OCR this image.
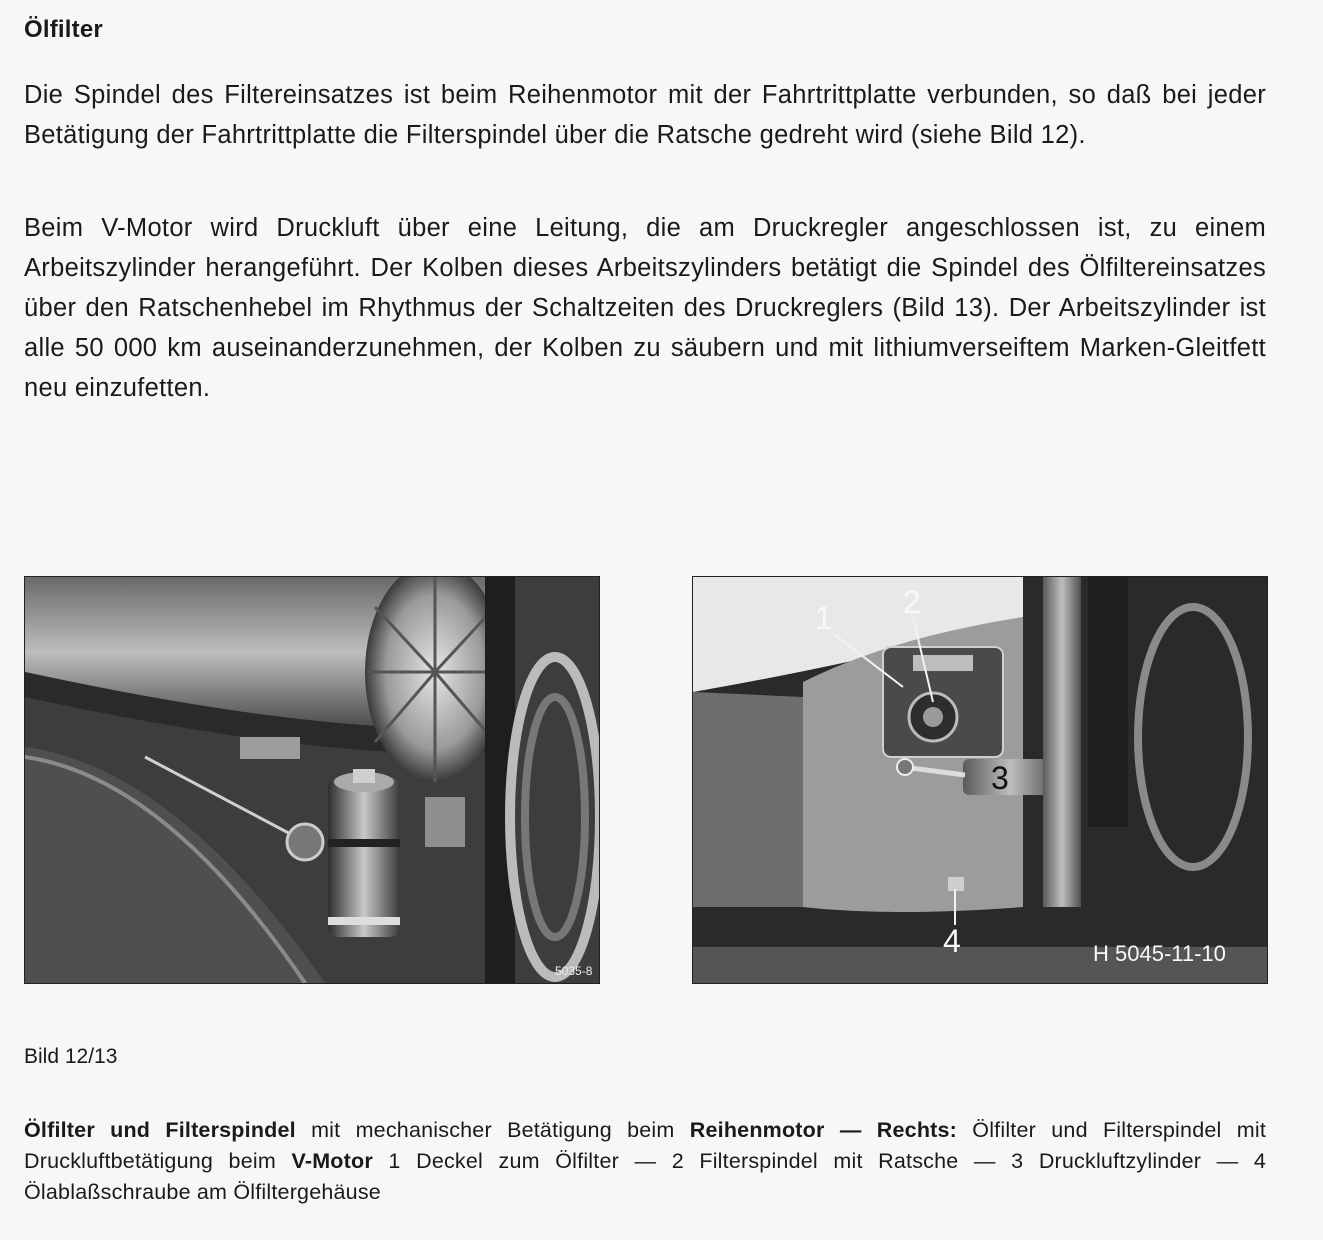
Ölfilter

Die Spindel des Filtereinsatzes ist beim Reihenmotor mit der Fahrtrittplatte verbunden, so daß bei jeder Betätigung der Fahrtrittplatte die Filterspindel über die Ratsche gedreht wird (siehe Bild 12).

Beim V-Motor wird Druckluft über eine Leitung, die am Druckregler angeschlossen ist, zu einem Arbeitszylinder herangeführt. Der Kolben dieses Arbeitszylinders betätigt die Spindel des Ölfiltereinsatzes über den Ratschenhebel im Rhythmus der Schaltzeiten des Druckreglers (Bild 13). Der Arbeitszylinder ist alle 50 000 km auseinanderzunehmen, der Kolben zu säubern und mit lithiumverseiftem Marken-Gleitfett neu einzufetten.

5035-8
1 2
3
4	H 5045-11-10
Bild 12/13

Ölfilter und Filterspindel mit mechanischer Betätigung beim Reihenmotor — Rechts: Ölfilter und Filterspindel mit Druckluftbetätigung beim V-Motor 1 Deckel zum Ölfilter — 2 Filterspindel mit Ratsche — 3 Druckluftzylinder — 4 Ölablaßschraube am Ölfiltergehäuse
